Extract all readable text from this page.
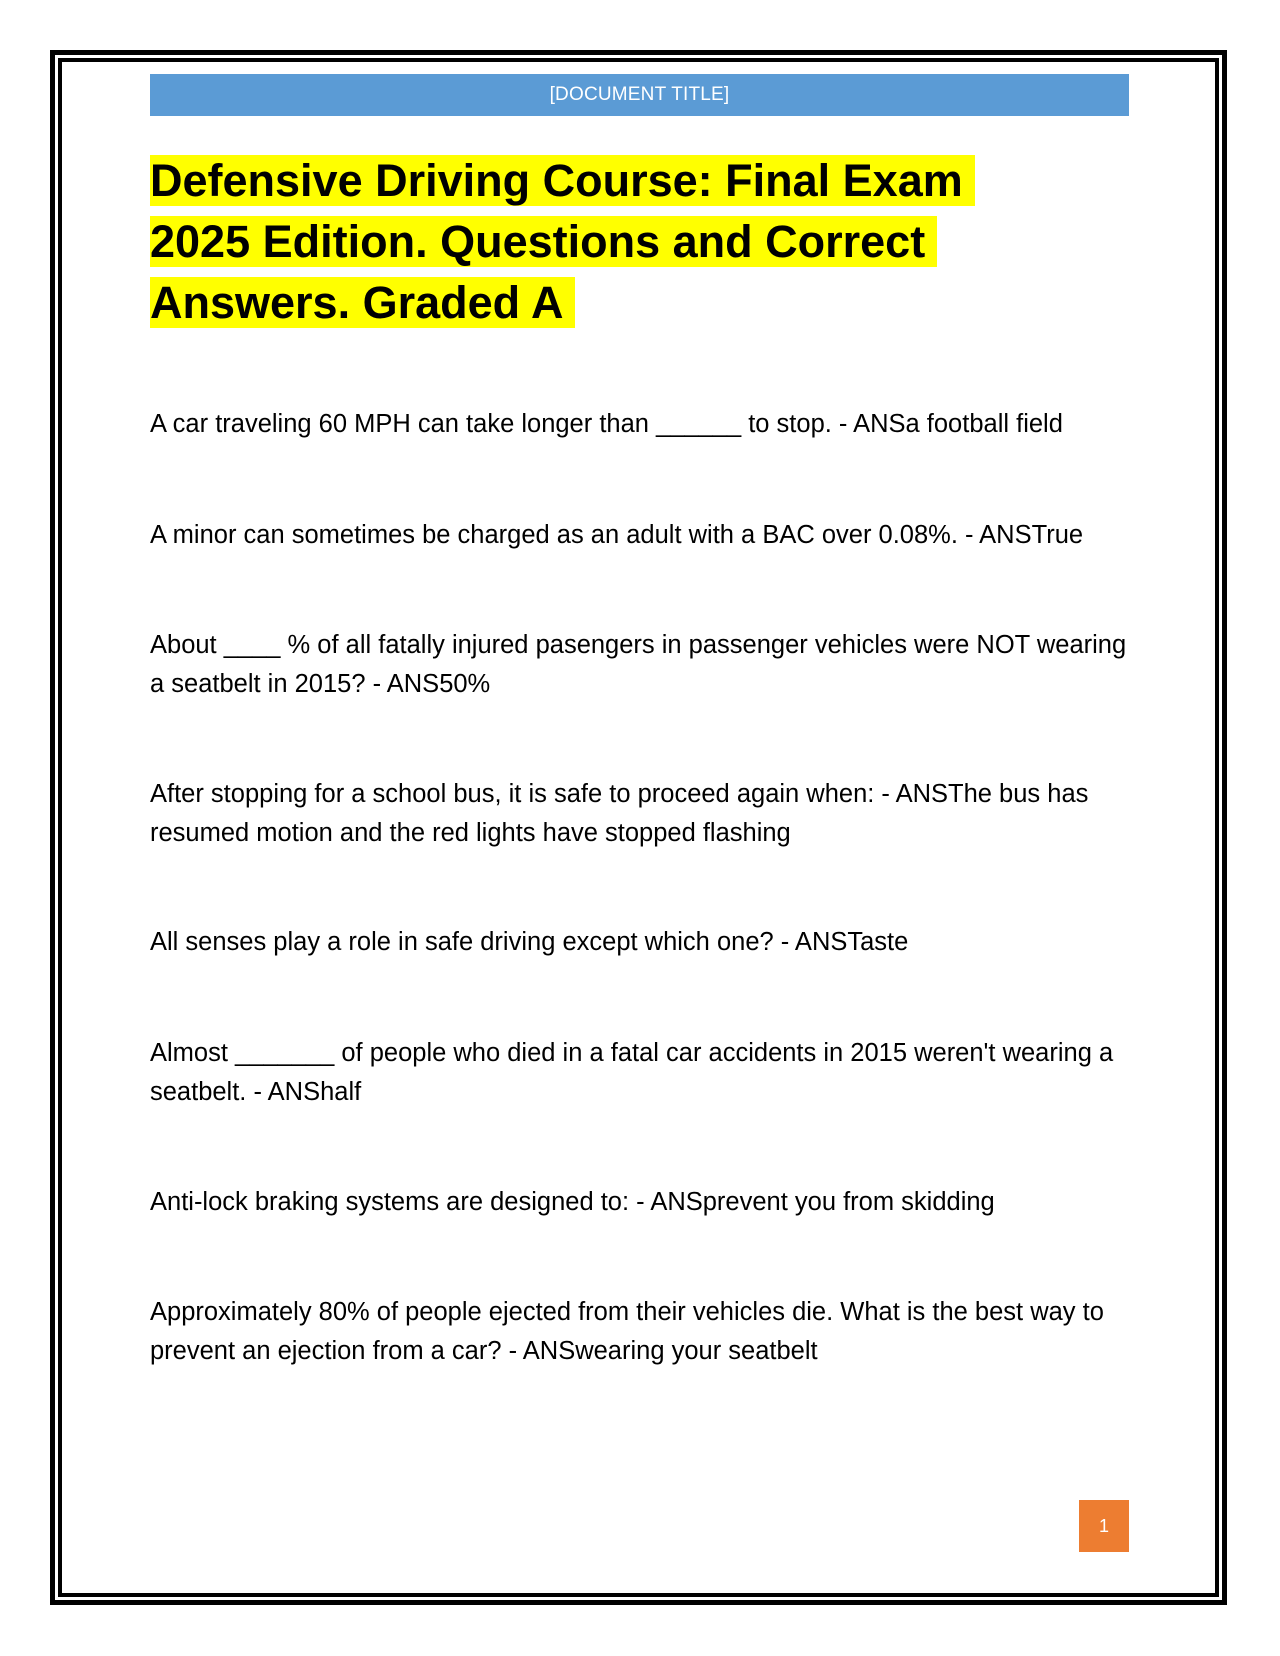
[DOCUMENT TITLE]
Defensive Driving Course: Final Exam 2025 Edition. Questions and Correct Answers. Graded A

A car traveling 60 MPH can take longer than ______ to stop. - ANSa football field

A minor can sometimes be charged as an adult with a BAC over 0.08%. - ANSTrue

About ____ % of all fatally injured pasengers in passenger vehicles were NOT wearing a seatbelt in 2015? - ANS50%

After stopping for a school bus, it is safe to proceed again when: - ANSThe bus has resumed motion and the red lights have stopped flashing

All senses play a role in safe driving except which one? - ANSTaste

Almost _______ of people who died in a fatal car accidents in 2015 weren't wearing a seatbelt. - ANShalf

Anti-lock braking systems are designed to: - ANSprevent you from skidding

Approximately 80% of people ejected from their vehicles die. What is the best way to prevent an ejection from a car? - ANSwearing your seatbelt

1
